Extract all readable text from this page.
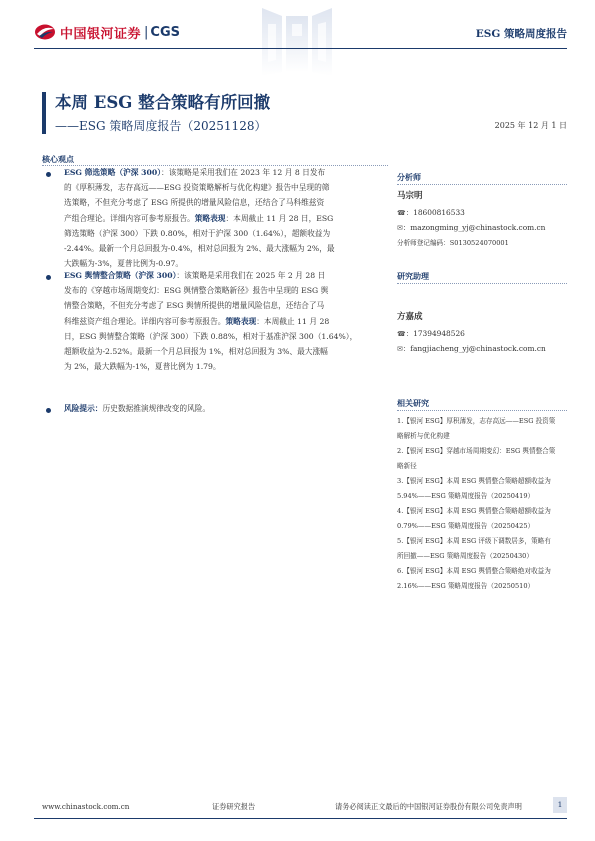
中国银河证券 | CGS	ESG 策略周度报告
本周 ESG 整合策略有所回撤
——ESG 策略周度报告（20251128）	2025 年 12 月 1 日
核心观点
ESG 筛选策略（沪深 300）：该策略是采用我们在 2023 年 12 月 8 日发布
的《厚积薄发，志存高远——ESG 投资策略解析与优化构建》报告中呈现的筛
选策略，不但充分考虑了 ESG 所提供的增量风险信息，还结合了马科维兹资
产组合理论。详细内容可参考原报告。策略表现：本周截止 11 月 28 日，ESG
筛选策略（沪深 300）下跌 0.80%，相对于沪深 300（1.64%），超额收益为
-2.44%。最新一个月总回报为-0.4%，相对总回报为 2%、最大涨幅为 2%，最
大跌幅为-3%，夏普比例为-0.97。
ESG 舆情整合策略（沪深 300）：该策略是采用我们在 2025 年 2 月 28 日
发布的《穿越市场周期变幻：ESG 舆情整合策略新径》报告中呈现的 ESG 舆
情整合策略，不但充分考虑了 ESG 舆情所提供的增量风险信息，还结合了马
科维兹资产组合理论。详细内容可参考原报告。策略表现：本周截止 11 月 28
日，ESG 舆情整合策略（沪深 300）下跌 0.88%，相对于基准沪深 300（1.64%），
超额收益为-2.52%。最新一个月总回报为 1%，相对总回报为 3%、最大涨幅
为 2%，最大跌幅为-1%，夏普比例为 1.79。
风险提示：历史数据推演规律改变的风险。
分析师
马宗明
☎：18600816533
✉：mazongming_yj@chinastock.com.cn
分析师登记编码：S0130524070001
研究助理
方嘉成
☎：17394948526
✉：fangjiacheng_yj@chinastock.com.cn
相关研究
1.【银河 ESG】厚积薄发，志存高远——ESG 投资策
略解析与优化构建
2.【银河 ESG】穿越市场周期变幻：ESG 舆情整合策
略新径
3.【银河 ESG】本周 ESG 舆情整合策略超额收益为
5.94%——ESG 策略周度报告（20250419）
4.【银河 ESG】本周 ESG 舆情整合策略超额收益为
0.79%——ESG 策略周度报告（20250425）
5.【银河 ESG】本周 ESG 评级下调数居多，策略有
所回撤——ESG 策略周度报告（20250430）
6.【银河 ESG】本周 ESG 舆情整合策略绝对收益为
2.16%——ESG 策略周度报告（20250510）
www.chinastock.com.cn	证券研究报告	请务必阅读正文最后的中国银河证券股份有限公司免责声明	1
